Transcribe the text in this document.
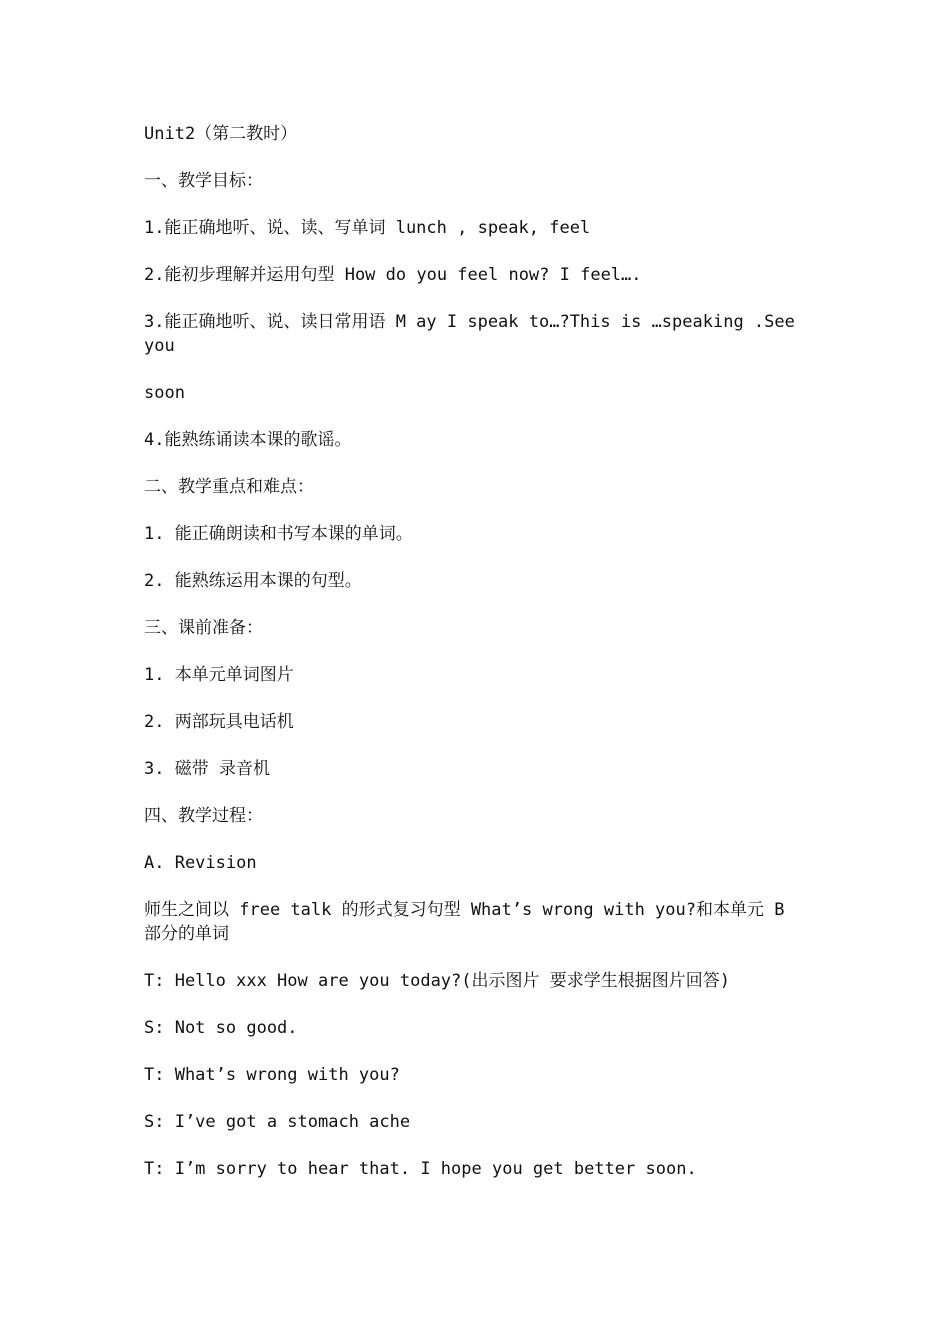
Unit2（第二教时）

一、教学目标：

1.能正确地听、说、读、写单词 lunch , speak, feel

2.能初步理解并运用句型 How do you feel now? I feel….

3.能正确地听、说、读日常用语 M ay I speak to…?This is …speaking .See you

soon

4.能熟练诵读本课的歌谣。

二、教学重点和难点：

1. 能正确朗读和书写本课的单词。

2. 能熟练运用本课的句型。

三、课前准备：

1. 本单元单词图片

2. 两部玩具电话机

3. 磁带 录音机

四、教学过程：

A. Revision

师生之间以 free talk 的形式复习句型 What’s wrong with you?和本单元 B 部分的单词

T: Hello xxx How are you today?(出示图片 要求学生根据图片回答)

S: Not so good.

T: What’s wrong with you?

S: I’ve got a stomach ache

T: I’m sorry to hear that. I hope you get better soon.
